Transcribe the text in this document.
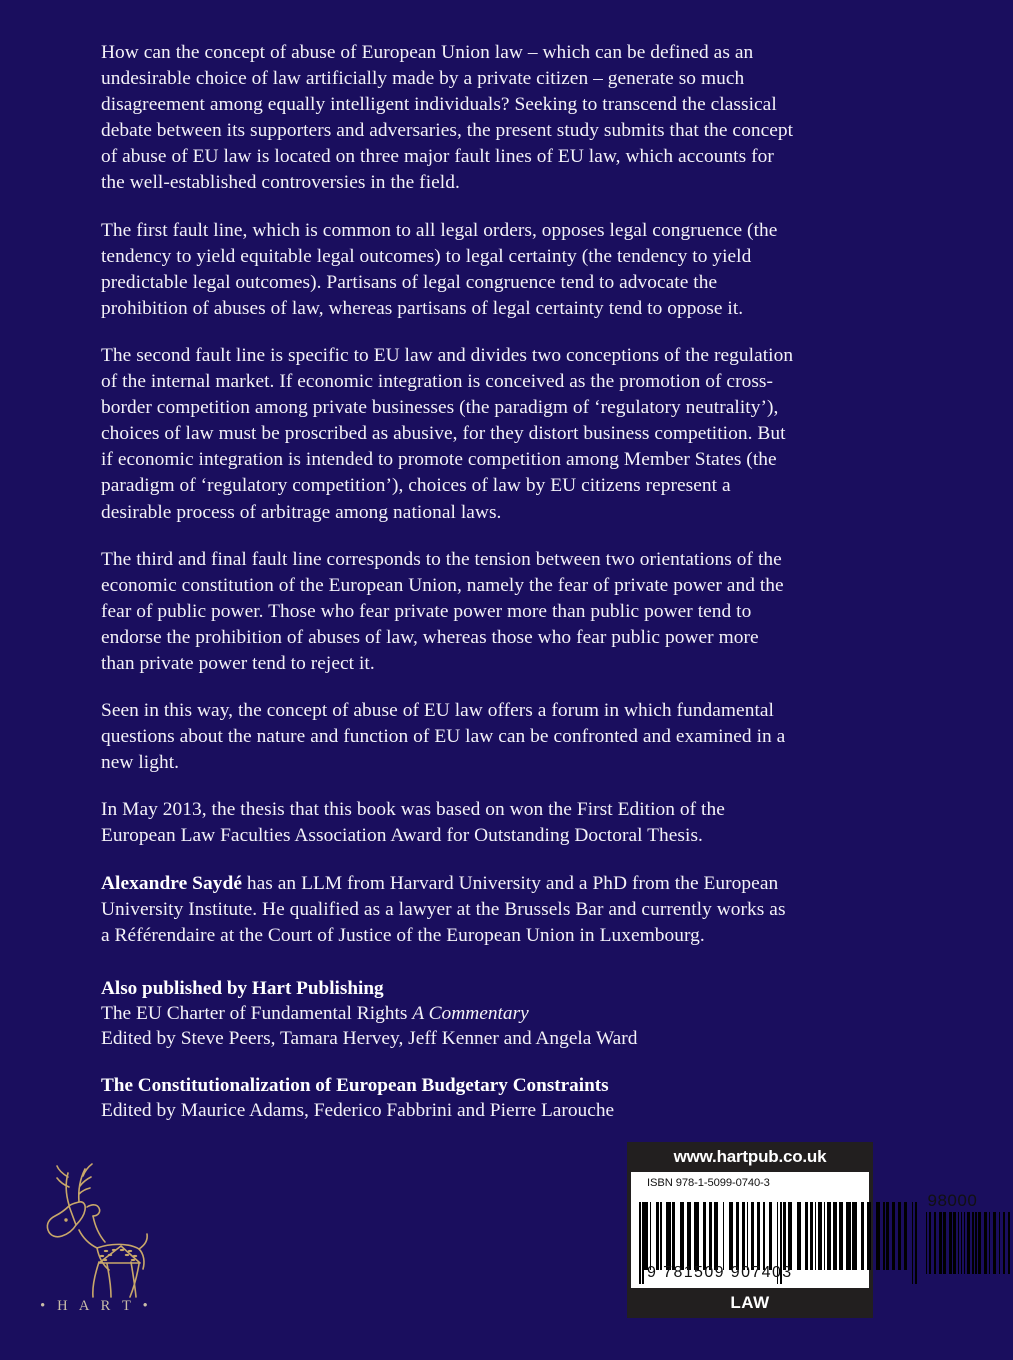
How can the concept of abuse of European Union law – which can be defined as an undesirable choice of law artificially made by a private citizen – generate so much disagreement among equally intelligent individuals? Seeking to transcend the classical debate between its supporters and adversaries, the present study submits that the concept of abuse of EU law is located on three major fault lines of EU law, which accounts for the well-established controversies in the field.

The first fault line, which is common to all legal orders, opposes legal congruence (the tendency to yield equitable legal outcomes) to legal certainty (the tendency to yield predictable legal outcomes). Partisans of legal congruence tend to advocate the prohibition of abuses of law, whereas partisans of legal certainty tend to oppose it.

The second fault line is specific to EU law and divides two conceptions of the regulation of the internal market. If economic integration is conceived as the promotion of cross-border competition among private businesses (the paradigm of ‘regulatory neutrality’), choices of law must be proscribed as abusive, for they distort business competition. But if economic integration is intended to promote competition among Member States (the paradigm of ‘regulatory competition’), choices of law by EU citizens represent a desirable process of arbitrage among national laws.

The third and final fault line corresponds to the tension between two orientations of the economic constitution of the European Union, namely the fear of private power and the fear of public power. Those who fear private power more than public power tend to endorse the prohibition of abuses of law, whereas those who fear public power more than private power tend to reject it.

Seen in this way, the concept of abuse of EU law offers a forum in which fundamental questions about the nature and function of EU law can be confronted and examined in a new light.

In May 2013, the thesis that this book was based on won the First Edition of the European Law Faculties Association Award for Outstanding Doctoral Thesis.

Alexandre Saydé has an LLM from Harvard University and a PhD from the European University Institute. He qualified as a lawyer at the Brussels Bar and currently works as a Référendaire at the Court of Justice of the European Union in Luxembourg.

Also published by Hart Publishing

The EU Charter of Fundamental Rights A Commentary

Edited by Steve Peers, Tamara Hervey, Jeff Kenner and Angela Ward

The Constitutionalization of European Budgetary Constraints

Edited by Maurice Adams, Federico Fabbrini and Pierre Larouche

• H A R T •
www.hartpub.co.uk
ISBN 978-1-5099-0740-3
98000
9 781509 907403
LAW
